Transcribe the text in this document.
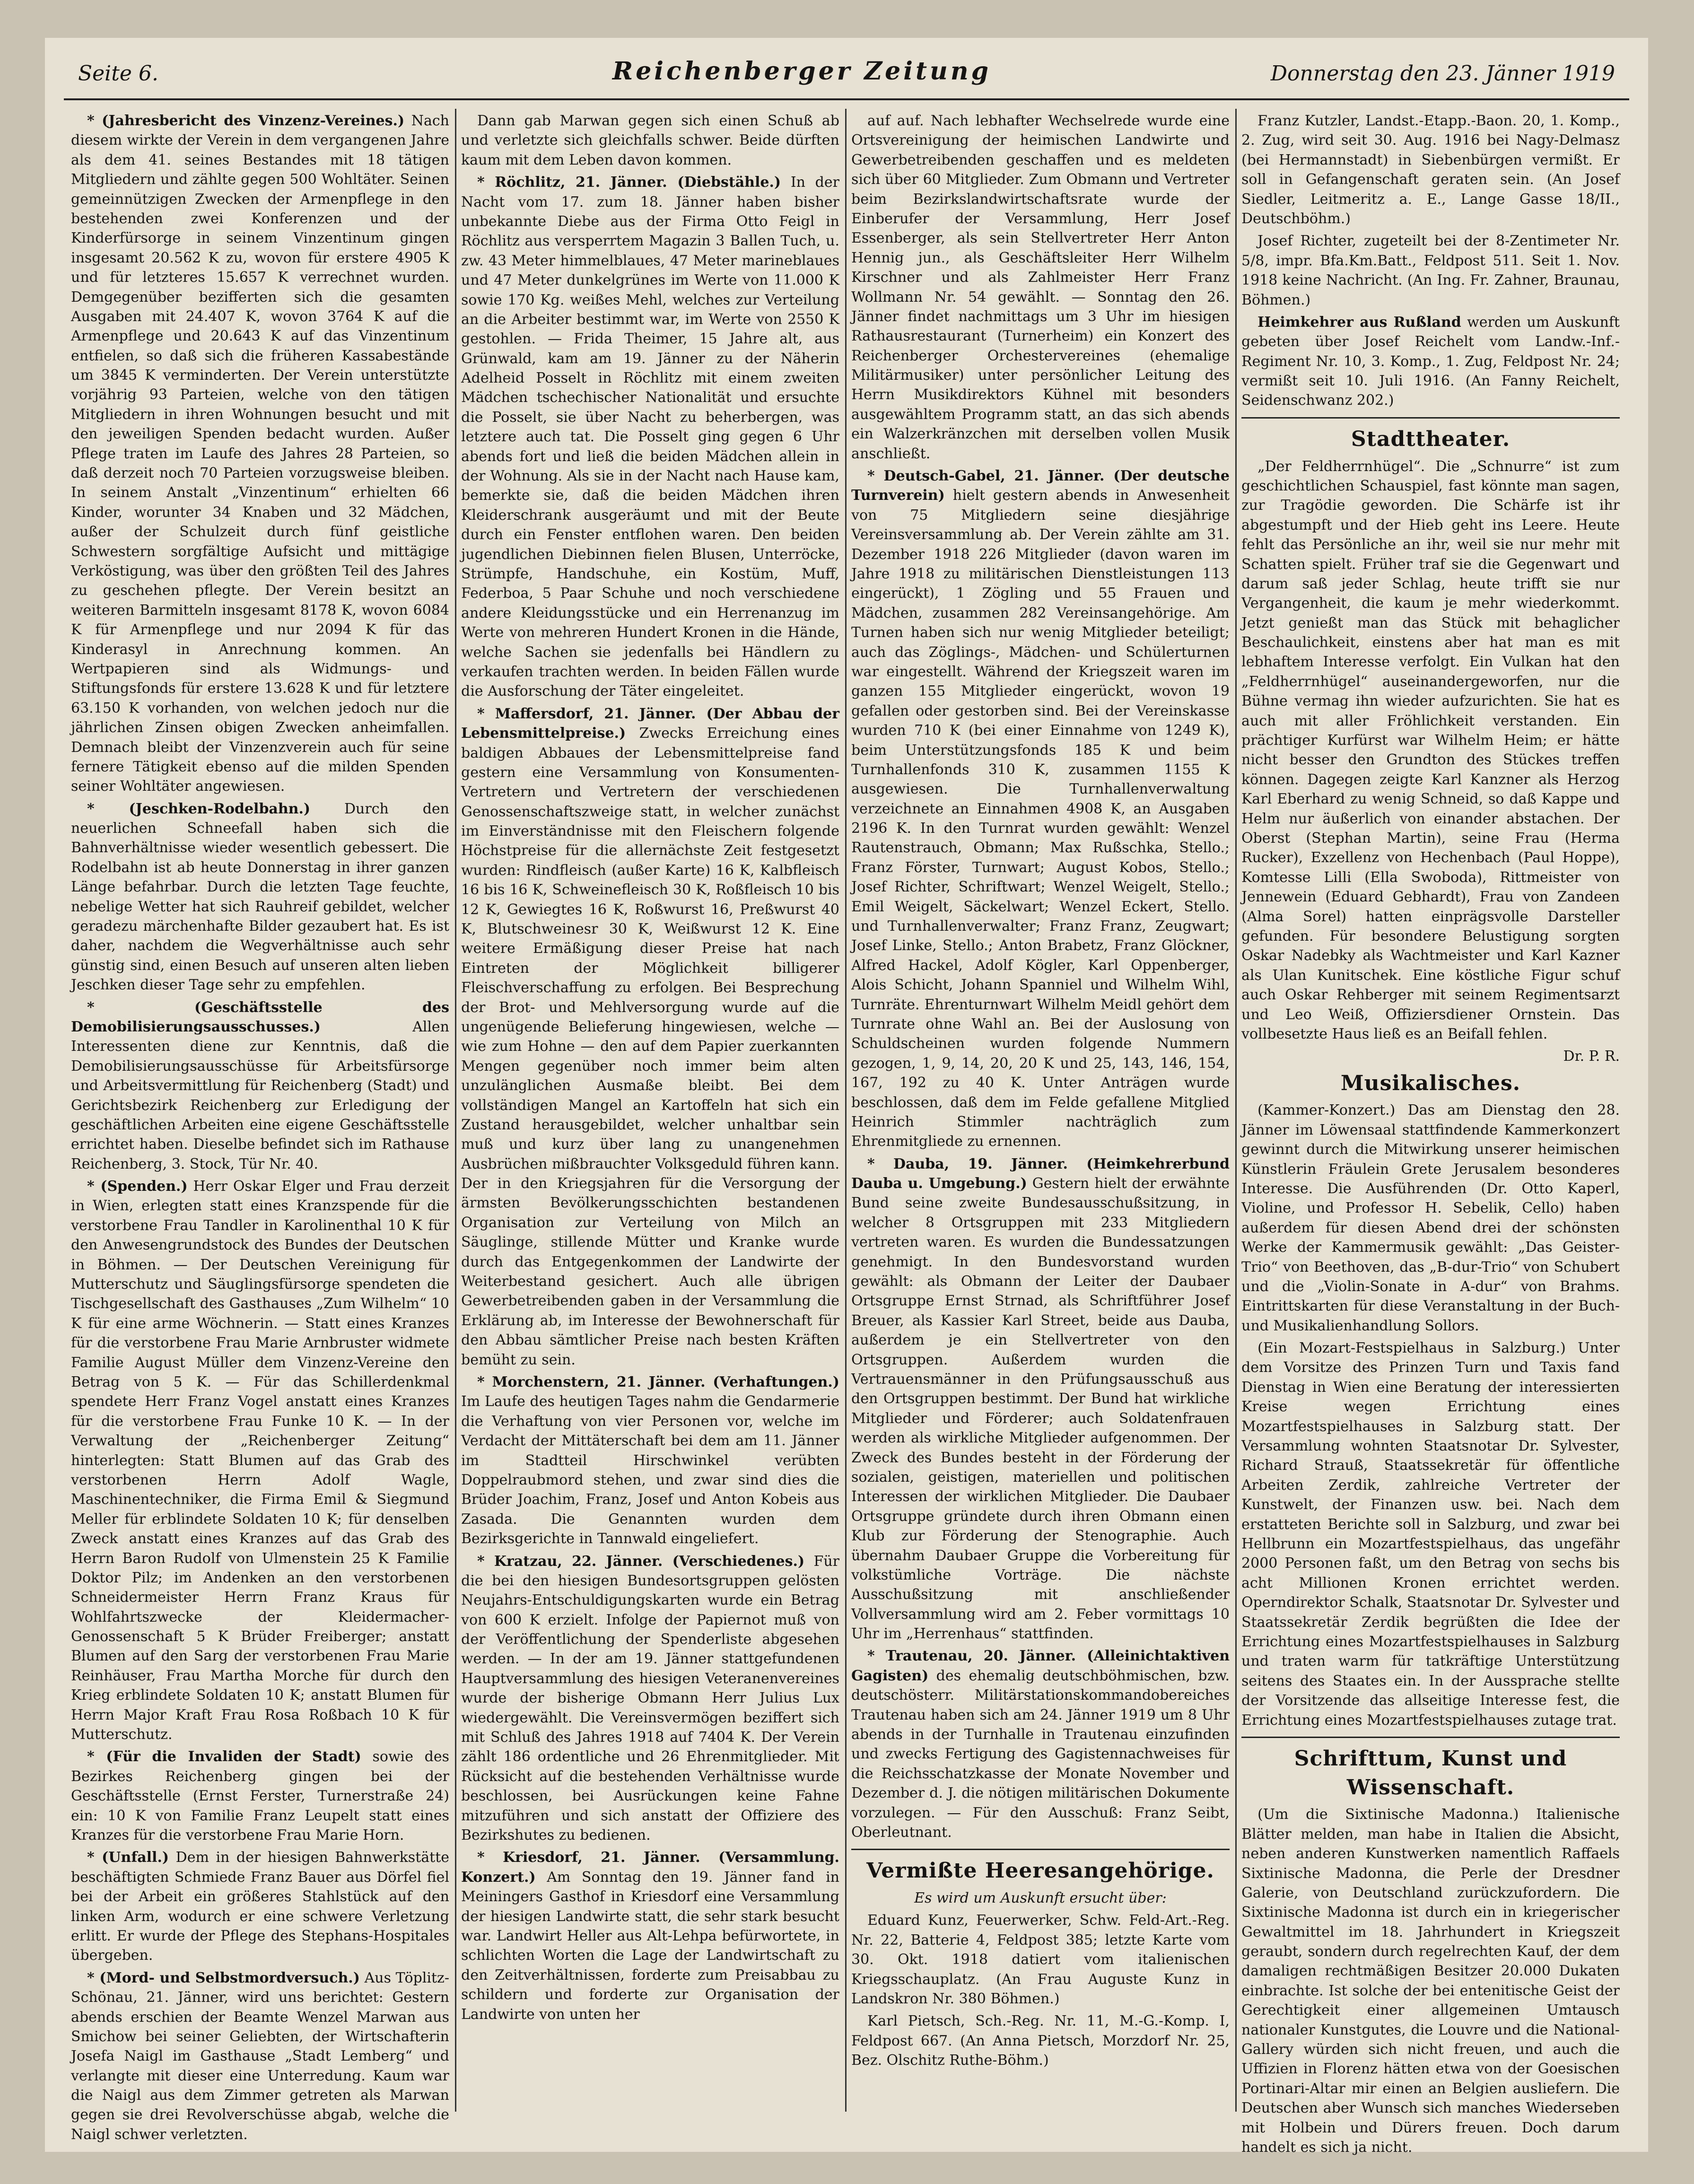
Seite 6.	Reichenberger Zeitung	Donnerstag den 23. Jänner 1919

* (Jahresbericht des Vinzenz-Vereines.) Nach diesem wirkte der Verein in dem vergangenen Jahre als dem 41. seines Bestandes mit 18 tätigen Mitgliedern und zählte gegen 500 Wohltäter. Seinen gemeinnützigen Zwecken der Armenpflege in den bestehenden zwei Konferenzen und der Kinderfürsorge in seinem Vinzentinum gingen insgesamt 20.562 K zu, wovon für erstere 4905 K und für letzteres 15.657 K verrechnet wurden. Demgegenüber bezifferten sich die gesamten Ausgaben mit 24.407 K, wovon 3764 K auf die Armenpflege und 20.643 K auf das Vinzentinum entfielen, so daß sich die früheren Kassabestände um 3845 K verminderten. Der Verein unterstützte vorjährig 93 Parteien, welche von den tätigen Mitgliedern in ihren Wohnungen besucht und mit den jeweiligen Spenden bedacht wurden. Außer Pflege traten im Laufe des Jahres 28 Parteien, so daß derzeit noch 70 Parteien vorzugsweise bleiben. In seinem Anstalt „Vinzentinum“ erhielten 66 Kinder, worunter 34 Knaben und 32 Mädchen, außer der Schulzeit durch fünf geistliche Schwestern sorgfältige Aufsicht und mittägige Verköstigung, was über den größten Teil des Jahres zu geschehen pflegte. Der Verein besitzt an weiteren Barmitteln insgesamt 8178 K, wovon 6084 K für Armenpflege und nur 2094 K für das Kinderasyl in Anrechnung kommen. An Wertpapieren sind als Widmungs- und Stiftungsfonds für erstere 13.628 K und für letztere 63.150 K vorhanden, von welchen jedoch nur die jährlichen Zinsen obigen Zwecken anheimfallen. Demnach bleibt der Vinzenzverein auch für seine fernere Tätigkeit ebenso auf die milden Spenden seiner Wohltäter angewiesen.

* (Jeschken-Rodelbahn.) Durch den neuerlichen Schneefall haben sich die Bahnverhältnisse wieder wesentlich gebessert. Die Rodelbahn ist ab heute Donnerstag in ihrer ganzen Länge befahrbar. Durch die letzten Tage feuchte, nebelige Wetter hat sich Rauhreif gebildet, welcher geradezu märchenhafte Bilder gezaubert hat. Es ist daher, nachdem die Wegverhältnisse auch sehr günstig sind, einen Besuch auf unseren alten lieben Jeschken dieser Tage sehr zu empfehlen.

* (Geschäftsstelle des Demobilisierungsausschusses.)	Allen Interessenten diene zur Kenntnis, daß die Demobilisierungsausschüsse für Arbeitsfürsorge und Arbeitsvermittlung für Reichenberg (Stadt) und Gerichtsbezirk Reichenberg zur Erledigung der geschäftlichen Arbeiten eine eigene Geschäftsstelle errichtet haben. Dieselbe befindet sich im Rathause Reichenberg, 3. Stock, Tür Nr. 40.

* (Spenden.) Herr Oskar Elger und Frau derzeit in Wien, erlegten statt eines Kranzspende für die verstorbene Frau Tandler in Karolinenthal 10 K für den Anwesengrundstock des Bundes der Deutschen in Böhmen. — Der Deutschen Vereinigung für Mutterschutz und Säuglingsfürsorge spendeten die Tischgesellschaft des Gasthauses „Zum Wilhelm“ 10 K für eine arme Wöchnerin. — Statt eines Kranzes für die verstorbene Frau Marie Arnbruster widmete Familie August Müller dem Vinzenz-Vereine den Betrag von 5 K. — Für das Schillerdenkmal spendete Herr Franz Vogel anstatt eines Kranzes für die verstorbene Frau Funke 10 K. — In der Verwaltung der „Reichenberger Zeitung“ hinterlegten: Statt Blumen auf das Grab des verstorbenen Herrn Adolf Wagle, Maschinentechniker, die Firma Emil & Siegmund Meller für erblindete Soldaten 10 K; für denselben Zweck anstatt eines Kranzes auf das Grab des Herrn Baron Rudolf von Ulmenstein 25 K Familie Doktor Pilz; im Andenken an den verstorbenen Schneidermeister Herrn Franz Kraus für Wohlfahrtszwecke der Kleidermacher-Genossenschaft 5 K Brüder Freiberger; anstatt Blumen auf den Sarg der verstorbenen Frau Marie Reinhäuser, Frau Martha Morche für durch den Krieg erblindete Soldaten 10 K; anstatt Blumen für Herrn Major Kraft Frau Rosa Roßbach 10 K für Mutterschutz.

* (Für die Invaliden der Stadt) sowie des Bezirkes Reichenberg gingen bei der Geschäftsstelle (Ernst Ferster, Turnerstraße 24) ein: 10 K von Familie Franz Leupelt statt eines Kranzes für die verstorbene Frau Marie Horn.

* (Unfall.) Dem in der hiesigen Bahnwerkstätte beschäftigten Schmiede Franz Bauer aus Dörfel fiel bei der Arbeit ein größeres Stahlstück auf den linken Arm, wodurch er eine schwere Verletzung erlitt. Er wurde der Pflege des Stephans-Hospitales übergeben.

* (Mord- und Selbstmordversuch.) Aus Töplitz-Schönau, 21. Jänner, wird uns berichtet: Gestern abends erschien der Beamte Wenzel Marwan aus Smichow bei seiner Geliebten, der Wirtschafterin Josefa Naigl im Gasthause „Stadt Lemberg“ und verlangte mit dieser eine Unterredung. Kaum war die Naigl aus dem Zimmer getreten als Marwan gegen sie drei Revolverschüsse abgab, welche die Naigl schwer verletzten.

Dann gab Marwan gegen sich einen Schuß ab und verletzte sich gleichfalls schwer. Beide dürften kaum mit dem Leben davon kommen.

* Röchlitz, 21. Jänner. (Diebstähle.) In der Nacht vom 17. zum 18. Jänner haben bisher unbekannte Diebe aus der Firma Otto Feigl in Röchlitz aus versperrtem Magazin 3 Ballen Tuch, u. zw. 43 Meter himmelblaues, 47 Meter marineblaues und 47 Meter dunkelgrünes im Werte von 11.000 K sowie 170 Kg. weißes Mehl, welches zur Verteilung an die Arbeiter bestimmt war, im Werte von 2550 K gestohlen. — Frida Theimer, 15 Jahre alt, aus Grünwald, kam am 19. Jänner zu der Näherin Adelheid Posselt in Röchlitz mit einem zweiten Mädchen tschechischer Nationalität und ersuchte die Posselt, sie über Nacht zu beherbergen, was letztere auch tat. Die Posselt ging gegen 6 Uhr abends fort und ließ die beiden Mädchen allein in der Wohnung. Als sie in der Nacht nach Hause kam, bemerkte sie, daß die beiden Mädchen ihren Kleiderschrank ausgeräumt und mit der Beute durch ein Fenster entflohen waren. Den beiden jugendlichen Diebinnen fielen Blusen, Unterröcke, Strümpfe, Handschuhe, ein Kostüm, Muff, Federboa, 5 Paar Schuhe und noch verschiedene andere Kleidungsstücke und ein Herrenanzug im Werte von mehreren Hundert Kronen in die Hände, welche Sachen sie jedenfalls bei Händlern zu verkaufen trachten werden. In beiden Fällen wurde die Ausforschung der Täter eingeleitet.

* Maffersdorf, 21. Jänner. (Der Abbau der Lebensmittelpreise.) Zwecks Erreichung eines baldigen Abbaues der Lebensmittelpreise fand gestern eine Versammlung von Konsumenten-Vertretern und Vertretern der verschiedenen Genossenschaftszweige statt, in welcher zunächst im Einverständnisse mit den Fleischern folgende Höchstpreise für die allernächste Zeit festgesetzt wurden: Rindfleisch (außer Karte) 16 K, Kalbfleisch 16 bis 16 K, Schweinefleisch 30 K, Roßfleisch 10 bis 12 K, Gewiegtes 16 K, Roßwurst 16, Preßwurst 40 K, Blutschweinesr 30 K, Weißwurst 12 K. Eine weitere Ermäßigung dieser Preise hat nach Eintreten der Möglichkeit billigerer Fleischverschaffung zu erfolgen. Bei Besprechung der Brot- und Mehlversorgung wurde auf die ungenügende Belieferung hingewiesen, welche — wie zum Hohne — den auf dem Papier zuerkannten Mengen gegenüber noch immer beim alten unzulänglichen Ausmaße bleibt. Bei dem vollständigen Mangel an Kartoffeln hat sich ein Zustand herausgebildet, welcher unhaltbar sein muß und kurz über lang zu unangenehmen Ausbrüchen mißbrauchter Volksgeduld führen kann. Der in den Kriegsjahren für die Versorgung der ärmsten Bevölkerungsschichten bestandenen Organisation zur Verteilung von Milch an Säuglinge, stillende Mütter und Kranke wurde durch das Entgegenkommen der Landwirte der Weiterbestand gesichert. Auch alle übrigen Gewerbetreibenden gaben in der Versammlung die Erklärung ab, im Interesse der Bewohnerschaft für den Abbau sämtlicher Preise nach besten Kräften bemüht zu sein.

* Morchenstern, 21. Jänner. (Verhaftungen.) Im Laufe des heutigen Tages nahm die Gendarmerie die Verhaftung von vier Personen vor, welche im Verdacht der Mittäterschaft bei dem am 11. Jänner im Stadtteil Hirschwinkel verübten Doppelraubmord stehen, und zwar sind dies die Brüder Joachim, Franz, Josef und Anton Kobeis aus Zasada. Die Genannten wurden dem Bezirksgerichte in Tannwald eingeliefert.

* Kratzau, 22. Jänner. (Verschiedenes.) Für die bei den hiesigen Bundesortsgruppen gelösten Neujahrs-Entschuldigungskarten wurde ein Betrag von 600 K erzielt. Infolge der Papiernot muß von der Veröffentlichung der Spenderliste abgesehen werden. — In der am 19. Jänner stattgefundenen Hauptversammlung des hiesigen Veteranenvereines wurde der bisherige Obmann Herr Julius Lux wiedergewählt. Die Vereinsvermögen beziffert sich mit Schluß des Jahres 1918 auf 7404 K. Der Verein zählt 186 ordentliche und 26 Ehrenmitglieder. Mit Rücksicht auf die bestehenden Verhältnisse wurde beschlossen, bei Ausrückungen keine Fahne mitzuführen und sich anstatt der Offiziere des Bezirkshutes zu bedienen.

* Kriesdorf, 21. Jänner. (Versammlung. Konzert.) Am Sonntag den 19. Jänner fand in Meiningers Gasthof in Kriesdorf eine Versammlung der hiesigen Landwirte statt, die sehr stark besucht war. Landwirt Heller aus Alt-Lehpa befürwortete, in schlichten Worten die Lage der Landwirtschaft zu den Zeitverhältnissen, forderte zum Preisabbau zu schildern und forderte zur Organisation der Landwirte von unten her

auf auf. Nach lebhafter Wechselrede wurde eine Ortsvereinigung der heimischen Landwirte und Gewerbetreibenden geschaffen und es meldeten sich über 60 Mitglieder. Zum Obmann und Vertreter beim Bezirkslandwirtschaftsrate wurde der Einberufer der Versammlung, Herr Josef Essenberger, als sein Stellvertreter Herr Anton Hennig jun., als Geschäftsleiter Herr Wilhelm Kirschner und als Zahlmeister Herr Franz Wollmann Nr. 54 gewählt. — Sonntag den 26. Jänner findet nachmittags um 3 Uhr im hiesigen Rathausrestaurant (Turnerheim) ein Konzert des Reichenberger Orchestervereines (ehemalige Militärmusiker) unter persönlicher Leitung des Herrn Musikdirektors Kühnel mit besonders ausgewähltem Programm statt, an das sich abends ein Walzerkränzchen mit derselben vollen Musik anschließt.

* Deutsch-Gabel, 21. Jänner. (Der deutsche Turnverein) hielt gestern abends in Anwesenheit von 75 Mitgliedern seine diesjährige Vereinsversammlung ab. Der Verein zählte am 31. Dezember 1918 226 Mitglieder (davon waren im Jahre 1918 zu militärischen Dienstleistungen 113 eingerückt), 1 Zögling und 55 Frauen und Mädchen, zusammen 282 Vereinsangehörige. Am Turnen haben sich nur wenig Mitglieder beteiligt; auch das Zöglings-, Mädchen- und Schülerturnen war eingestellt. Während der Kriegszeit waren im ganzen 155 Mitglieder eingerückt, wovon 19 gefallen oder gestorben sind. Bei der Vereinskasse wurden 710 K (bei einer Einnahme von 1249 K), beim Unterstützungsfonds 185 K und beim Turnhallenfonds 310 K, zusammen 1155 K ausgewiesen. Die Turnhallenverwaltung verzeichnete an Einnahmen 4908 K, an Ausgaben 2196 K. In den Turnrat wurden gewählt: Wenzel Rautenstrauch, Obmann; Max Rußschka, Stello.; Franz Förster, Turnwart; August Kobos, Stello.; Josef Richter, Schriftwart; Wenzel Weigelt, Stello.; Emil Weigelt, Säckelwart; Wenzel Eckert, Stello. und Turnhallenverwalter; Franz Franz, Zeugwart; Josef Linke, Stello.; Anton Brabetz, Franz Glöckner, Alfred Hackel, Adolf Kögler, Karl Oppenberger, Alois Schicht, Johann Spanniel und Wilhelm Wihl, Turnräte. Ehrenturnwart Wilhelm Meidl gehört dem Turnrate ohne Wahl an. Bei der Auslosung von Schuldscheinen wurden folgende Nummern gezogen, 1, 9, 14, 20, 20 K und 25, 143, 146, 154, 167, 192 zu 40 K. Unter Anträgen wurde beschlossen, daß dem im Felde gefallene Mitglied Heinrich Stimmler nachträglich zum Ehrenmitgliede zu ernennen.

* Dauba, 19. Jänner. (Heimkehrerbund Dauba u. Umgebung.) Gestern hielt der erwähnte Bund seine zweite Bundesausschußsitzung, in welcher 8 Ortsgruppen mit 233 Mitgliedern vertreten waren. Es wurden die Bundessatzungen genehmigt. In den Bundesvorstand wurden gewählt: als Obmann der Leiter der Daubaer Ortsgruppe Ernst Strnad, als Schriftführer Josef Breuer, als Kassier Karl Street, beide aus Dauba, außerdem je ein Stellvertreter von den Ortsgruppen. Außerdem wurden die Vertrauensmänner in den Prüfungsausschuß aus den Ortsgruppen bestimmt. Der Bund hat wirkliche Mitglieder und Förderer; auch Soldatenfrauen werden als wirkliche Mitglieder aufgenommen. Der Zweck des Bundes besteht in der Förderung der sozialen, geistigen, materiellen und politischen Interessen der wirklichen Mitglieder. Die Daubaer Ortsgruppe gründete durch ihren Obmann einen Klub zur Förderung der Stenographie. Auch übernahm Daubaer Gruppe die Vorbereitung für volkstümliche Vorträge. Die nächste Ausschußsitzung mit anschließender Vollversammlung wird am 2. Feber vormittags 10 Uhr im „Herrenhaus“ stattfinden.

* Trautenau, 20. Jänner. (Alleinichtaktiven Gagisten) des ehemalig deutschböhmischen, bzw. deutschösterr. Militärstationskommandobereiches Trautenau haben sich am 24. Jänner 1919 um 8 Uhr abends in der Turnhalle in Trautenau einzufinden und zwecks Fertigung des Gagistennachweises für die Reichsschatzkasse der Monate November und Dezember d. J. die nötigen militärischen Dokumente vorzulegen. — Für den Ausschuß: Franz Seibt, Oberleutnant.

Vermißte Heeresangehörige.

Es wird um Auskunft ersucht über:

Eduard Kunz, Feuerwerker, Schw. Feld-Art.-Reg. Nr. 22, Batterie 4, Feldpost 385; letzte Karte vom 30. Okt. 1918 datiert vom italienischen Kriegsschauplatz. (An Frau Auguste Kunz in Landskron Nr. 380 Böhmen.)

Karl Pietsch, Sch.-Reg. Nr. 11, M.-G.-Komp. I, Feldpost 667. (An Anna Pietsch, Morzdorf Nr. 25, Bez. Olschitz Ruthe-Böhm.)

Franz Kutzler, Landst.-Etapp.-Baon. 20, 1. Komp., 2. Zug, wird seit 30. Aug. 1916 bei Nagy-Delmasz (bei Hermannstadt) in Siebenbürgen vermißt. Er soll in Gefangenschaft geraten sein. (An Josef Siedler, Leitmeritz a. E., Lange Gasse 18/II., Deutschböhm.)

Josef Richter, zugeteilt bei der 8-Zentimeter Nr. 5/8, impr. Bfa.Km.Batt., Feldpost 511. Seit 1. Nov. 1918 keine Nachricht. (An Ing. Fr. Zahner, Braunau, Böhmen.)

Heimkehrer aus Rußland werden um Auskunft gebeten über Josef Reichelt vom Landw.-Inf.-Regiment Nr. 10, 3. Komp., 1. Zug, Feldpost Nr. 24; vermißt seit 10. Juli 1916. (An Fanny Reichelt, Seidenschwanz 202.)

Stadttheater.

„Der Feldherrnhügel“. Die „Schnurre“ ist zum geschichtlichen Schauspiel, fast könnte man sagen, zur Tragödie geworden. Die Schärfe ist ihr abgestumpft und der Hieb geht ins Leere. Heute fehlt das Persönliche an ihr, weil sie nur mehr mit Schatten spielt. Früher traf sie die Gegenwart und darum saß jeder Schlag, heute trifft sie nur Vergangenheit, die kaum je mehr wiederkommt. Jetzt genießt man das Stück mit behaglicher Beschaulichkeit, einstens aber hat man es mit lebhaftem Interesse verfolgt. Ein Vulkan hat den „Feldherrnhügel“ auseinandergeworfen, nur die Bühne vermag ihn wieder aufzurichten. Sie hat es auch mit aller Fröhlichkeit verstanden. Ein prächtiger Kurfürst war Wilhelm Heim; er hätte nicht besser den Grundton des Stückes treffen können. Dagegen zeigte Karl Kanzner als Herzog Karl Eberhard zu wenig Schneid, so daß Kappe und Helm nur äußerlich von einander abstachen. Der Oberst (Stephan Martin), seine Frau (Herma Rucker), Exzellenz von Hechenbach (Paul Hoppe), Komtesse Lilli (Ella Swoboda), Rittmeister von Jennewein (Eduard Gebhardt), Frau von Zandeen (Alma Sorel) hatten einprägsvolle Darsteller gefunden. Für besondere Belustigung sorgten Oskar Nadebky als Wachtmeister und Karl Kazner als Ulan Kunitschek. Eine köstliche Figur schuf auch Oskar Rehberger mit seinem Regimentsarzt und Leo Weiß, Offiziersdiener Ornstein. Das vollbesetzte Haus ließ es an Beifall fehlen.

Dr. P. R.

Musikalisches.

(Kammer-Konzert.) Das am Dienstag den 28. Jänner im Löwensaal stattfindende Kammerkonzert gewinnt durch die Mitwirkung unserer heimischen Künstlerin Fräulein Grete Jerusalem besonderes Interesse. Die Ausführenden (Dr. Otto Kaperl, Violine, und Professor H. Sebelik, Cello) haben außerdem für diesen Abend drei der schönsten Werke der Kammermusik gewählt: „Das Geister-Trio“ von Beethoven, das „B-dur-Trio“ von Schubert und die „Violin-Sonate in A-dur“ von Brahms. Eintrittskarten für diese Veranstaltung in der Buch- und Musikalienhandlung Sollors.

(Ein Mozart-Festspielhaus in Salzburg.) Unter dem Vorsitze des Prinzen Turn und Taxis fand Dienstag in Wien eine Beratung der interessierten Kreise wegen Errichtung eines Mozartfestspielhauses in Salzburg statt. Der Versammlung wohnten Staatsnotar Dr. Sylvester, Richard Strauß, Staatssekretär für öffentliche Arbeiten Zerdik, zahlreiche Vertreter der Kunstwelt, der Finanzen usw. bei. Nach dem erstatteten Berichte soll in Salzburg, und zwar bei Hellbrunn ein Mozartfestspielhaus, das ungefähr 2000 Personen faßt, um den Betrag von sechs bis acht Millionen Kronen errichtet werden. Operndirektor Schalk, Staatsnotar Dr. Sylvester und Staatssekretär Zerdik begrüßten die Idee der Errichtung eines Mozartfestspielhauses in Salzburg und traten warm für tatkräftige Unterstützung seitens des Staates ein. In der Aussprache stellte der Vorsitzende das allseitige Interesse fest, die Errichtung eines Mozartfestspielhauses zutage trat.

Schrifttum, Kunst und Wissenschaft.

(Um die Sixtinische Madonna.) Italienische Blätter melden, man habe in Italien die Absicht, neben anderen Kunstwerken namentlich Raffaels Sixtinische Madonna, die Perle der Dresdner Galerie, von Deutschland zurückzufordern. Die Sixtinische Madonna ist durch ein in kriegerischer Gewaltmittel im 18. Jahrhundert in Kriegszeit geraubt, sondern durch regelrechten Kauf, der dem damaligen rechtmäßigen Besitzer 20.000 Dukaten einbrachte. Ist solche der bei entenitische Geist der Gerechtigkeit einer allgemeinen Umtausch nationaler Kunstgutes, die Louvre und die National-Gallery würden sich nicht freuen, und auch die Uffizien in Florenz hätten etwa von der Goesischen Portinari-Altar mir einen an Belgien ausliefern. Die Deutschen aber Wunsch sich manches Wiederseben mit Holbein und Dürers freuen. Doch darum handelt es sich ja nicht.
